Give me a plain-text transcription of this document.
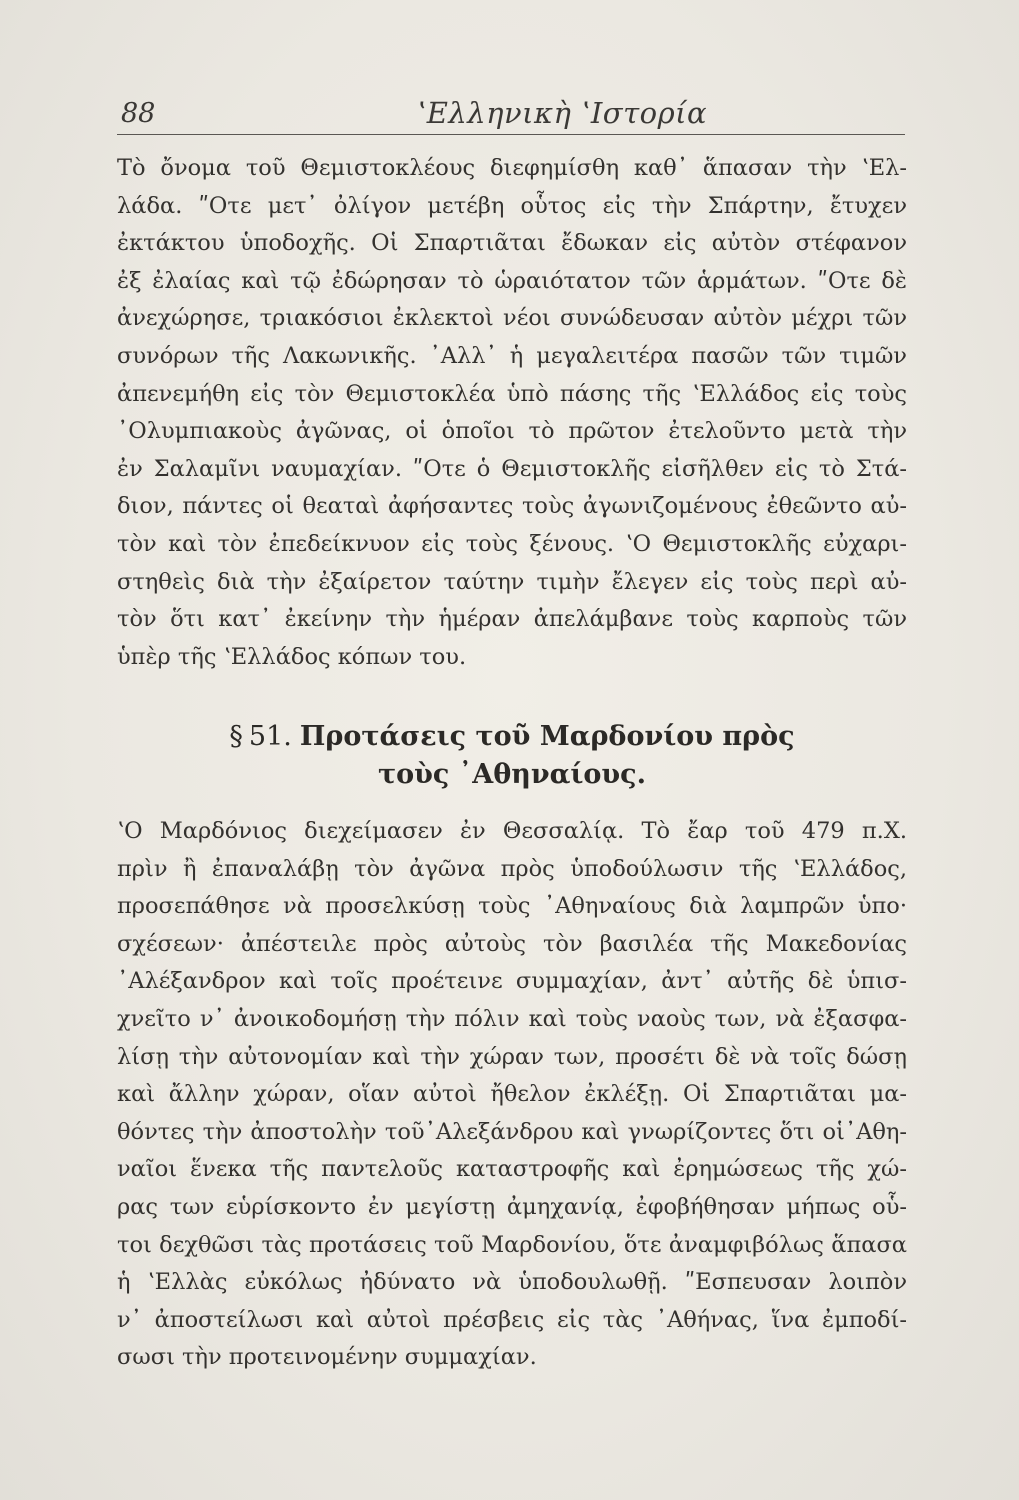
88	ʽΕλληνικὴ ʽΙστορία
Τὸ ὄνομα τοῦ Θεμιστοκλέους διεφημίσθη καθ᾽ ἅπασαν τὴν ʽΕλ-
λάδα. ʺΟτε μετ᾽ ὀλίγον μετέβη οὗτος εἰς τὴν Σπάρτην, ἔτυχεν
ἐκτάκτου ὑποδοχῆς. Οἱ Σπαρτιᾶται ἔδωκαν εἰς αὐτὸν στέφανον
ἐξ ἐλαίας καὶ τῷ ἐδώρησαν τὸ ὡραιότατον τῶν ἁρμάτων. ʺΟτε δὲ
ἀνεχώρησε, τριακόσιοι ἐκλεκτοὶ νέοι συνώδευσαν αὐτὸν μέχρι τῶν
συνόρων τῆς Λακωνικῆς. ᾿Αλλ᾽ ἡ μεγαλειτέρα πασῶν τῶν τιμῶν
ἀπενεμήθη εἰς τὸν Θεμιστοκλέα ὑπὸ πάσης τῆς ʽΕλλάδος εἰς τοὺς
᾿Ολυμπιακοὺς ἀγῶνας, οἱ ὁποῖοι τὸ πρῶτον ἐτελοῦντο μετὰ τὴν
ἐν Σαλαμῖνι ναυμαχίαν. ʺΟτε ὁ Θεμιστοκλῆς εἰσῆλθεν εἰς τὸ Στά-
διον, πάντες οἱ θεαταὶ ἀφήσαντες τοὺς ἀγωνιζομένους ἐθεῶντο αὐ-
τὸν καὶ τὸν ἐπεδείκνυον εἰς τοὺς ξένους. ʽΟ Θεμιστοκλῆς εὐχαρι-
στηθεὶς διὰ τὴν ἐξαίρετον ταύτην τιμὴν ἔλεγεν εἰς τοὺς περὶ αὐ-
τὸν ὅτι κατ᾽ ἐκείνην τὴν ἡμέραν ἀπελάμβανε τοὺς καρποὺς τῶν
ὑπὲρ τῆς ʽΕλλάδος κόπων του.
§ 51. Προτάσεις τοῦ Μαρδονίου πρὸς
τοὺς ᾿Αθηναίους.
ʽΟ Μαρδόνιος διεχείμασεν ἐν Θεσσαλίᾳ. Τὸ ἔαρ τοῦ 479 π.Χ.
πρὶν ἢ ἐπαναλάβῃ τὸν ἀγῶνα πρὸς ὑποδούλωσιν τῆς ʽΕλλάδος,
προσεπάθησε νὰ προσελκύσῃ τοὺς ᾿Αθηναίους διὰ λαμπρῶν ὑπο·
σχέσεων· ἀπέστειλε πρὸς αὐτοὺς τὸν βασιλέα τῆς Μακεδονίας
᾿Αλέξανδρον καὶ τοῖς προέτεινε συμμαχίαν, ἀντ᾽ αὐτῆς δὲ ὑπισ-
χνεῖτο ν᾽ ἀνοικοδομήσῃ τὴν πόλιν καὶ τοὺς ναοὺς των, νὰ ἐξασφα-
λίσῃ τὴν αὐτονομίαν καὶ τὴν χώραν των, προσέτι δὲ νὰ τοῖς δώσῃ
καὶ ἄλλην χώραν, οἵαν αὐτοὶ ἤθελον ἐκλέξῃ. Οἱ Σπαρτιᾶται μα-
θόντες τὴν ἀποστολὴν τοῦ᾿Αλεξάνδρου καὶ γνωρίζοντες ὅτι οἱ᾿Αθη-
ναῖοι ἕνεκα τῆς παντελοῦς καταστροφῆς καὶ ἐρημώσεως τῆς χώ-
ρας των εὑρίσκοντο ἐν μεγίστῃ ἀμηχανίᾳ, ἐφοβήθησαν μήπως οὗ-
τοι δεχθῶσι τὰς προτάσεις τοῦ Μαρδονίου, ὅτε ἀναμφιβόλως ἅπασα
ἡ ʽΕλλὰς εὐκόλως ἠδύνατο νὰ ὑποδουλωθῇ. ʺΕσπευσαν λοιπὸν
ν᾽ ἀποστείλωσι καὶ αὐτοὶ πρέσβεις εἰς τὰς ᾿Αθήνας, ἵνα ἐμποδί-
σωσι τὴν προτεινομένην συμμαχίαν.
